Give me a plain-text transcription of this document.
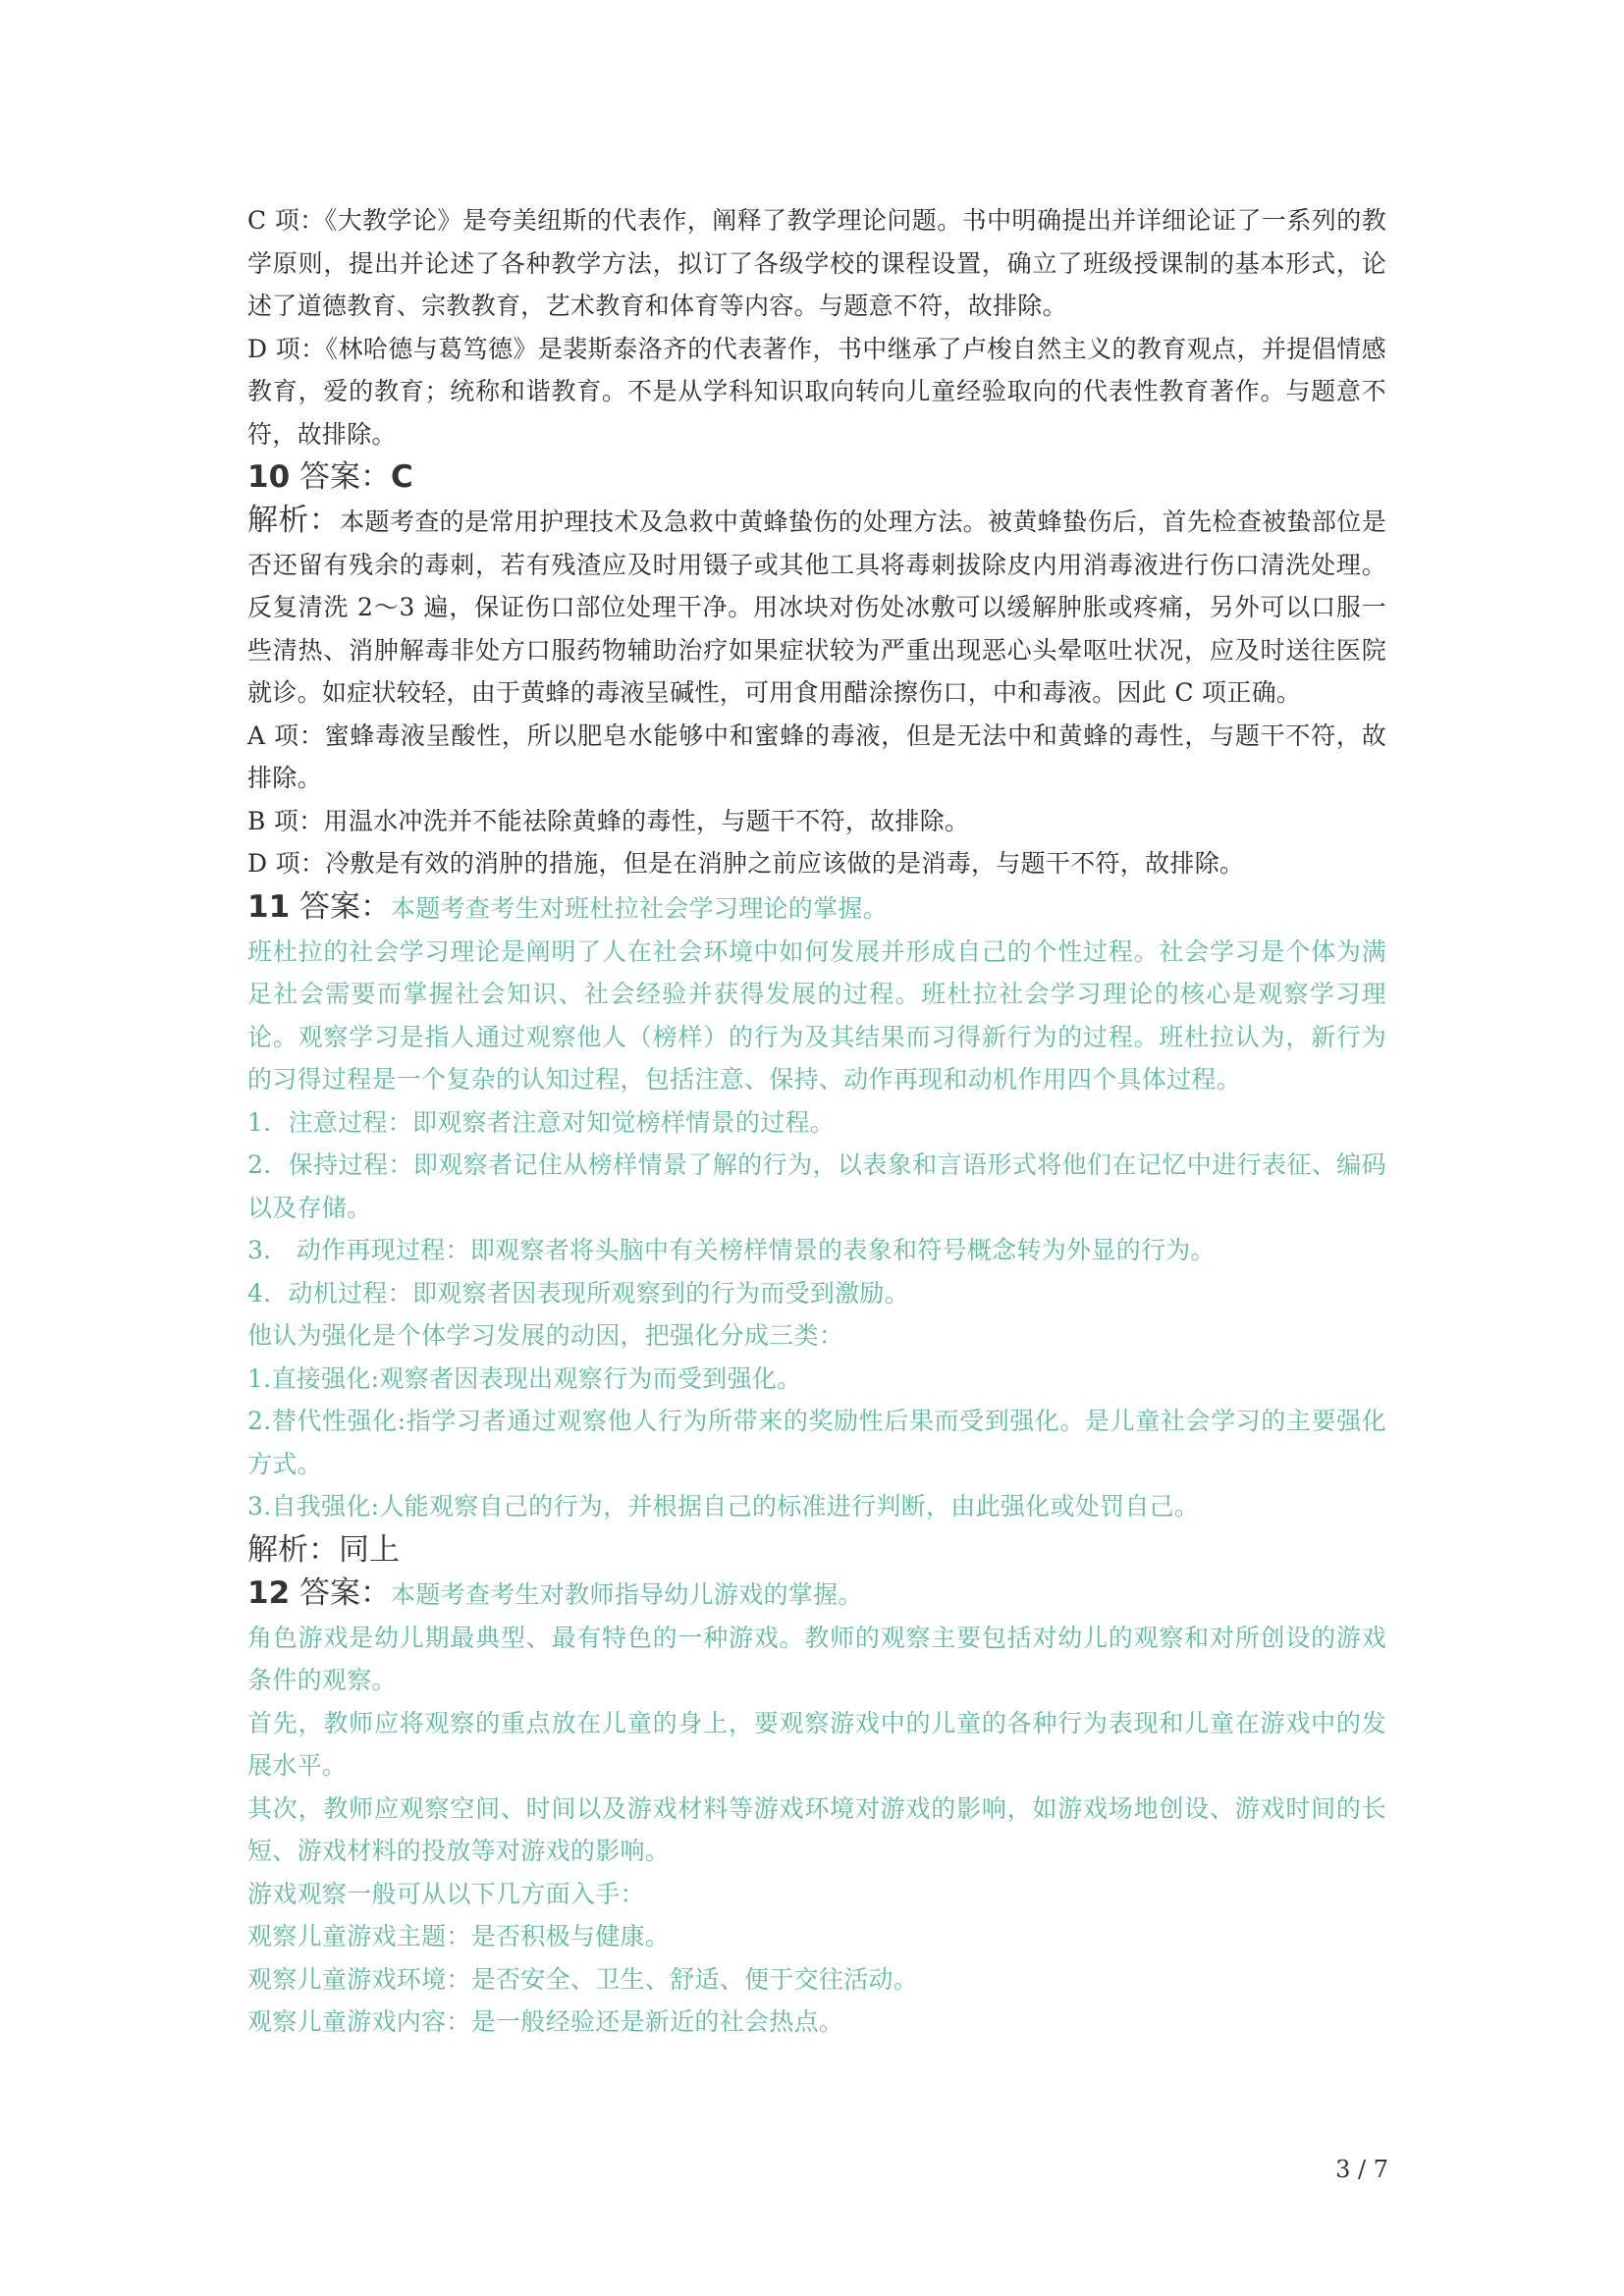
C 项：《大教学论》是夸美纽斯的代表作，阐释了教学理论问题。书中明确提出并详细论证了一系列的教学原则，提出并论述了各种教学方法，拟订了各级学校的课程设置，确立了班级授课制的基本形式，论述了道德教育、宗教教育，艺术教育和体育等内容。与题意不符，故排除。

D 项：《林哈德与葛笃德》是裴斯泰洛齐的代表著作，书中继承了卢梭自然主义的教育观点，并提倡情感教育，爱的教育；统称和谐教育。不是从学科知识取向转向儿童经验取向的代表性教育著作。与题意不符，故排除。

10 答案：C

解析：本题考查的是常用护理技术及急救中黄蜂蛰伤的处理方法。被黄蜂蛰伤后，首先检查被蛰部位是否还留有残余的毒刺，若有残渣应及时用镊子或其他工具将毒刺拔除皮内用消毒液进行伤口清洗处理。反复清洗 2～3 遍，保证伤口部位处理干净。用冰块对伤处冰敷可以缓解肿胀或疼痛，另外可以口服一些清热、消肿解毒非处方口服药物辅助治疗如果症状较为严重出现恶心头晕呕吐状况，应及时送往医院就诊。如症状较轻，由于黄蜂的毒液呈碱性，可用食用醋涂擦伤口，中和毒液。因此 C 项正确。

A 项：蜜蜂毒液呈酸性，所以肥皂水能够中和蜜蜂的毒液，但是无法中和黄蜂的毒性，与题干不符，故排除。

B 项：用温水冲洗并不能祛除黄蜂的毒性，与题干不符，故排除。

D 项：冷敷是有效的消肿的措施，但是在消肿之前应该做的是消毒，与题干不符，故排除。

11 答案：本题考查考生对班杜拉社会学习理论的掌握。

班杜拉的社会学习理论是阐明了人在社会环境中如何发展并形成自己的个性过程。社会学习是个体为满足社会需要而掌握社会知识、社会经验并获得发展的过程。班杜拉社会学习理论的核心是观察学习理论。观察学习是指人通过观察他人（榜样）的行为及其结果而习得新行为的过程。班杜拉认为，新行为的习得过程是一个复杂的认知过程，包括注意、保持、动作再现和动机作用四个具体过程。

1．注意过程：即观察者注意对知觉榜样情景的过程。

2．保持过程：即观察者记住从榜样情景了解的行为，以表象和言语形式将他们在记忆中进行表征、编码以及存储。

3． 动作再现过程：即观察者将头脑中有关榜样情景的表象和符号概念转为外显的行为。

4．动机过程：即观察者因表现所观察到的行为而受到激励。

他认为强化是个体学习发展的动因，把强化分成三类：

1.直接强化:观察者因表现出观察行为而受到强化。

2.替代性强化:指学习者通过观察他人行为所带来的奖励性后果而受到强化。是儿童社会学习的主要强化方式。

3.自我强化:人能观察自己的行为，并根据自己的标准进行判断，由此强化或处罚自己。

解析：同上

12 答案：本题考查考生对教师指导幼儿游戏的掌握。

角色游戏是幼儿期最典型、最有特色的一种游戏。教师的观察主要包括对幼儿的观察和对所创设的游戏条件的观察。

首先，教师应将观察的重点放在儿童的身上，要观察游戏中的儿童的各种行为表现和儿童在游戏中的发展水平。

其次，教师应观察空间、时间以及游戏材料等游戏环境对游戏的影响，如游戏场地创设、游戏时间的长短、游戏材料的投放等对游戏的影响。

游戏观察一般可从以下几方面入手：

观察儿童游戏主题：是否积极与健康。

观察儿童游戏环境：是否安全、卫生、舒适、便于交往活动。

观察儿童游戏内容：是一般经验还是新近的社会热点。

3 / 7
